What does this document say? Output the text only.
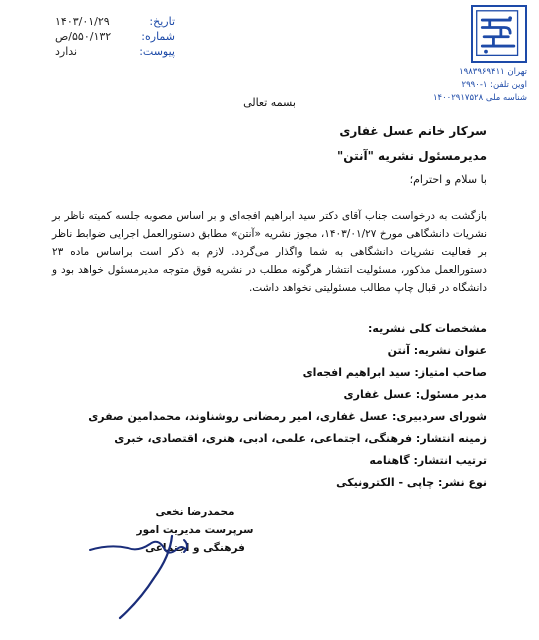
تهران ۱۹۸۳۹۶۹۴۱۱
اوین تلفن: ۱-۲۹۹۰
شناسه ملی ۱۴۰۰۲۹۱۷۵۲۸
تاریخ:
۱۴۰۳/۰۱/۲۹
شماره:
۵۵۰/۱۳۲/ص
پیوست:
ندارد
بسمه تعالی
سرکار خانم عسل غفاری
مدیرمسئول نشریه "آنتن"
با سلام و احترام؛
بازگشت به درخواست جناب آقای دکتر سید ابراهیم افجه‌ای و بر اساس مصوبه جلسه کمیته ناظر بر نشریات دانشگاهی مورخ ۱۴۰۳/۰۱/۲۷، مجوز نشریه «آنتن» مطابق دستورالعمل اجرایی ضوابط ناظر بر فعالیت نشریات دانشگاهی به شما واگذار می‌گردد. لازم به ذکر است براساس ماده ۲۳ دستورالعمل مذکور، مسئولیت انتشار هرگونه مطلب در نشریه فوق متوجه مدیرمسئول خواهد بود و دانشگاه در قبال چاپ مطالب مسئولیتی نخواهد داشت.
مشخصات کلی نشریه:
عنوان نشریه: آنتن
صاحب امتیاز: سید ابراهیم افجه‌ای
مدیر مسئول: عسل غفاری
شورای سردبیری: عسل غفاری، امیر رمضانی روشناوند، محمدامین صفری
زمینه انتشار: فرهنگی، اجتماعی، علمی، ادبی، هنری، اقتصادی، خبری
ترتیب انتشار: گاهنامه
نوع نشر: چاپی - الکترونیکی
محمدرضا نخعی
سرپرست مدیریت امور فرهنگی و اجتماعی
